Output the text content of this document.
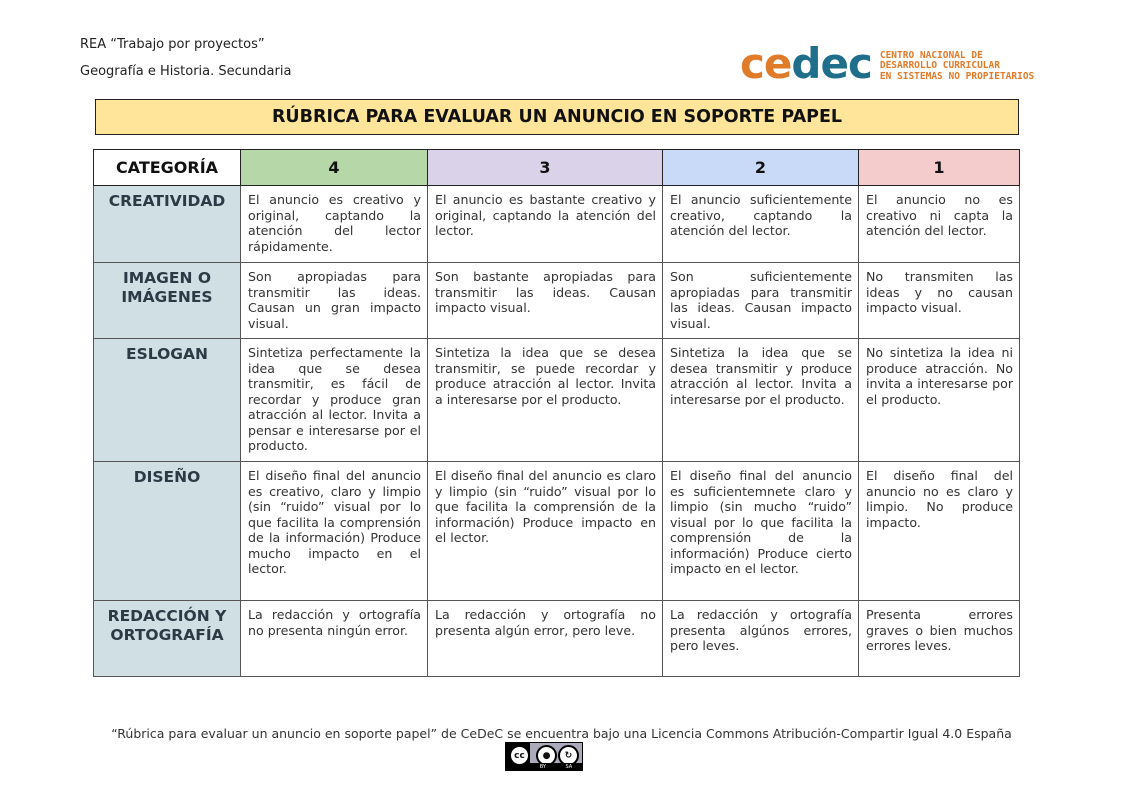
REA “Trabajo por proyectos”
Geografía e Historia. Secundaria	cedec CENTRO NACIONAL DE
DESARROLLO CURRICULAR
EN SISTEMAS NO PROPIETARIOS
RÚBRICA PARA EVALUAR UN ANUNCIO EN SOPORTE PAPEL
CATEGORÍA	4	3	2	1
CREATIVIDAD	El anuncio es creativo y original, captando la atención del lector rápidamente.	El anuncio es bastante creativo y original, captando la atención del lector.	El anuncio suficientemente creativo, captando la atención del lector.	El anuncio no es creativo ni capta la atención del lector.
IMAGEN O IMÁGENES	Son apropiadas para transmitir las ideas. Causan un gran impacto visual.	Son bastante apropiadas para transmitir las ideas. Causan impacto visual.	Son suficientemente apropiadas para transmitir las ideas. Causan impacto visual.	No transmiten las ideas y no causan impacto visual.
ESLOGAN	Sintetiza perfectamente la idea que se desea transmitir, es fácil de recordar y produce gran atracción al lector. Invita a pensar e interesarse por el producto.	Sintetiza la idea que se desea transmitir, se puede recordar y produce atracción al lector. Invita a interesarse por el producto.	Sintetiza la idea que se desea transmitir y produce atracción al lector. Invita a interesarse por el producto.	No sintetiza la idea ni produce atracción. No invita a interesarse por el producto.
DISEÑO	El diseño final del anuncio es creativo, claro y limpio (sin “ruido” visual por lo que facilita la comprensión de la información) Produce mucho impacto en el lector.	El diseño final del anuncio es claro y limpio (sin “ruido” visual por lo que facilita la comprensión de la información) Produce impacto en el lector.	El diseño final del anuncio es suficientemnete claro y limpio (sin mucho “ruido” visual por lo que facilita la comprensión de la información) Produce cierto impacto en el lector.	El diseño final del anuncio no es claro y limpio. No produce impacto.
REDACCIÓN Y ORTOGRAFÍA	La redacción y ortografía no presenta ningún error.	La redacción y ortografía no presenta algún error, pero leve.	La redacción y ortografía presenta algúnos errores, pero leves.	Presenta errores graves o bien muchos errores leves.
“Rúbrica para evaluar un anuncio en soporte papel” de CeDeC se encuentra bajo una Licencia Commons Atribución-Compartir Igual 4.0 España
cc	●	↻
BY	SA
